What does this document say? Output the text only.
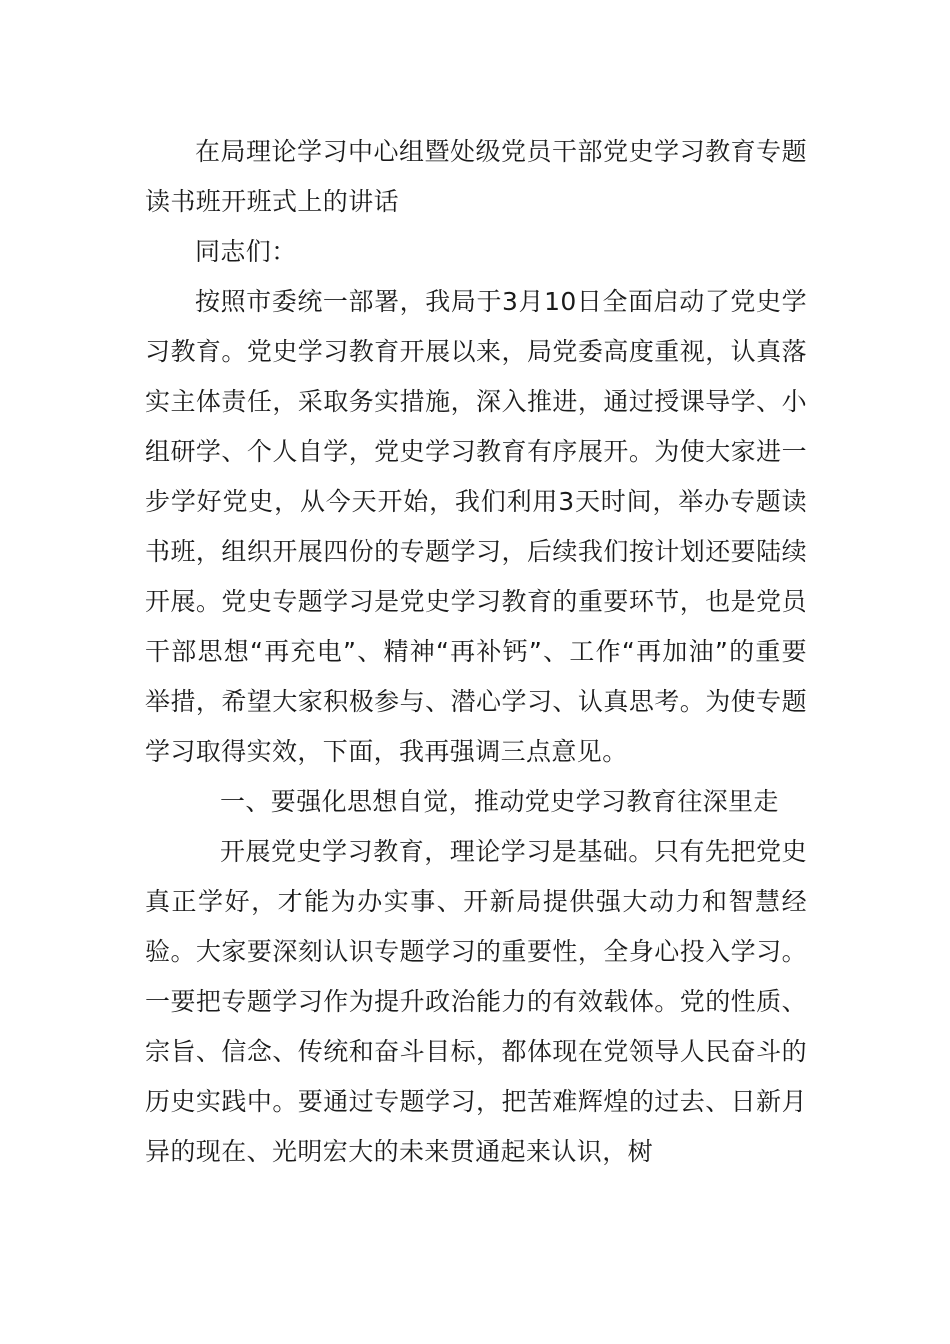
在局理论学习中心组暨处级党员干部党史学习教育专题读书班开班式上的讲话

同志们：

按照市委统一部署，我局于3月10日全面启动了党史学习教育。党史学习教育开展以来，局党委高度重视，认真落实主体责任，采取务实措施，深入推进，通过授课导学、小组研学、个人自学，党史学习教育有序展开。为使大家进一步学好党史，从今天开始，我们利用3天时间，举办专题读书班，组织开展四份的专题学习，后续我们按计划还要陆续开展。党史专题学习是党史学习教育的重要环节，也是党员干部思想“再充电”、精神“再补钙”、工作“再加油”的重要举措，希望大家积极参与、潜心学习、认真思考。为使专题学习取得实效，下面，我再强调三点意见。

一、要强化思想自觉，推动党史学习教育往深里走

开展党史学习教育，理论学习是基础。只有先把党史真正学好，才能为办实事、开新局提供强大动力和智慧经验。大家要深刻认识专题学习的重要性，全身心投入学习。一要把专题学习作为提升政治能力的有效载体。党的性质、宗旨、信念、传统和奋斗目标，都体现在党领导人民奋斗的历史实践中。要通过专题学习，把苦难辉煌的过去、日新月异的现在、光明宏大的未来贯通起来认识，树
